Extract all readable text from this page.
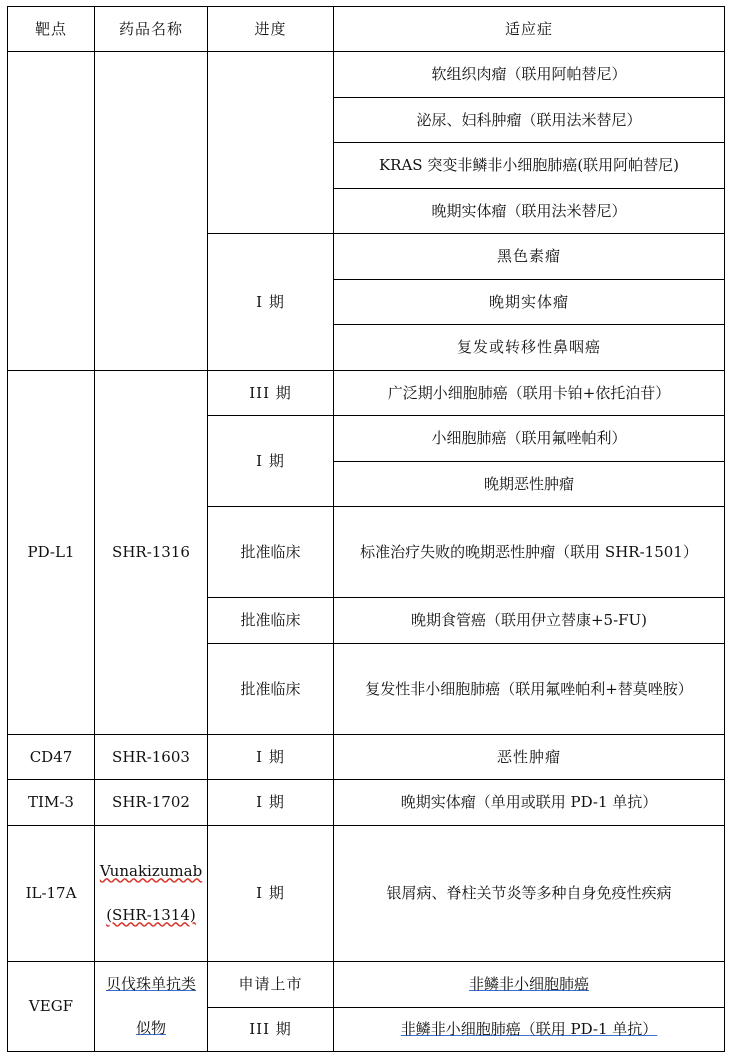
靶点	药品名称	进度	适应症
			软组织肉瘤（联用阿帕替尼）
			泌尿、妇科肿瘤（联用法米替尼）
			KRAS 突变非鳞非小细胞肺癌(联用阿帕替尼)
			晚期实体瘤（联用法米替尼）
		I 期	黑色素瘤
			晚期实体瘤
			复发或转移性鼻咽癌
PD-L1	SHR-1316	III 期	广泛期小细胞肺癌（联用卡铂+依托泊苷）
		I 期	小细胞肺癌（联用氟唑帕利）
			晚期恶性肿瘤
		批准临床	标准治疗失败的晚期恶性肿瘤（联用 SHR-1501）

		批准临床	晚期食管癌（联用伊立替康+5-FU)
		批准临床	复发性非小细胞肺癌（联用氟唑帕利+替莫唑胺）

CD47	SHR-1603	I 期	恶性肿瘤
TIM-3	SHR-1702	I 期	晚期实体瘤（单用或联用 PD-1 单抗）
IL-17A	Vunakizumab(SHR-1314)	I 期	银屑病、脊柱关节炎等多种自身免疫性疾病

VEGF	贝伐珠单抗类似物	申请上市	非鳞非小细胞肺癌
		III 期	非鳞非小细胞肺癌（联用 PD-1 单抗）
